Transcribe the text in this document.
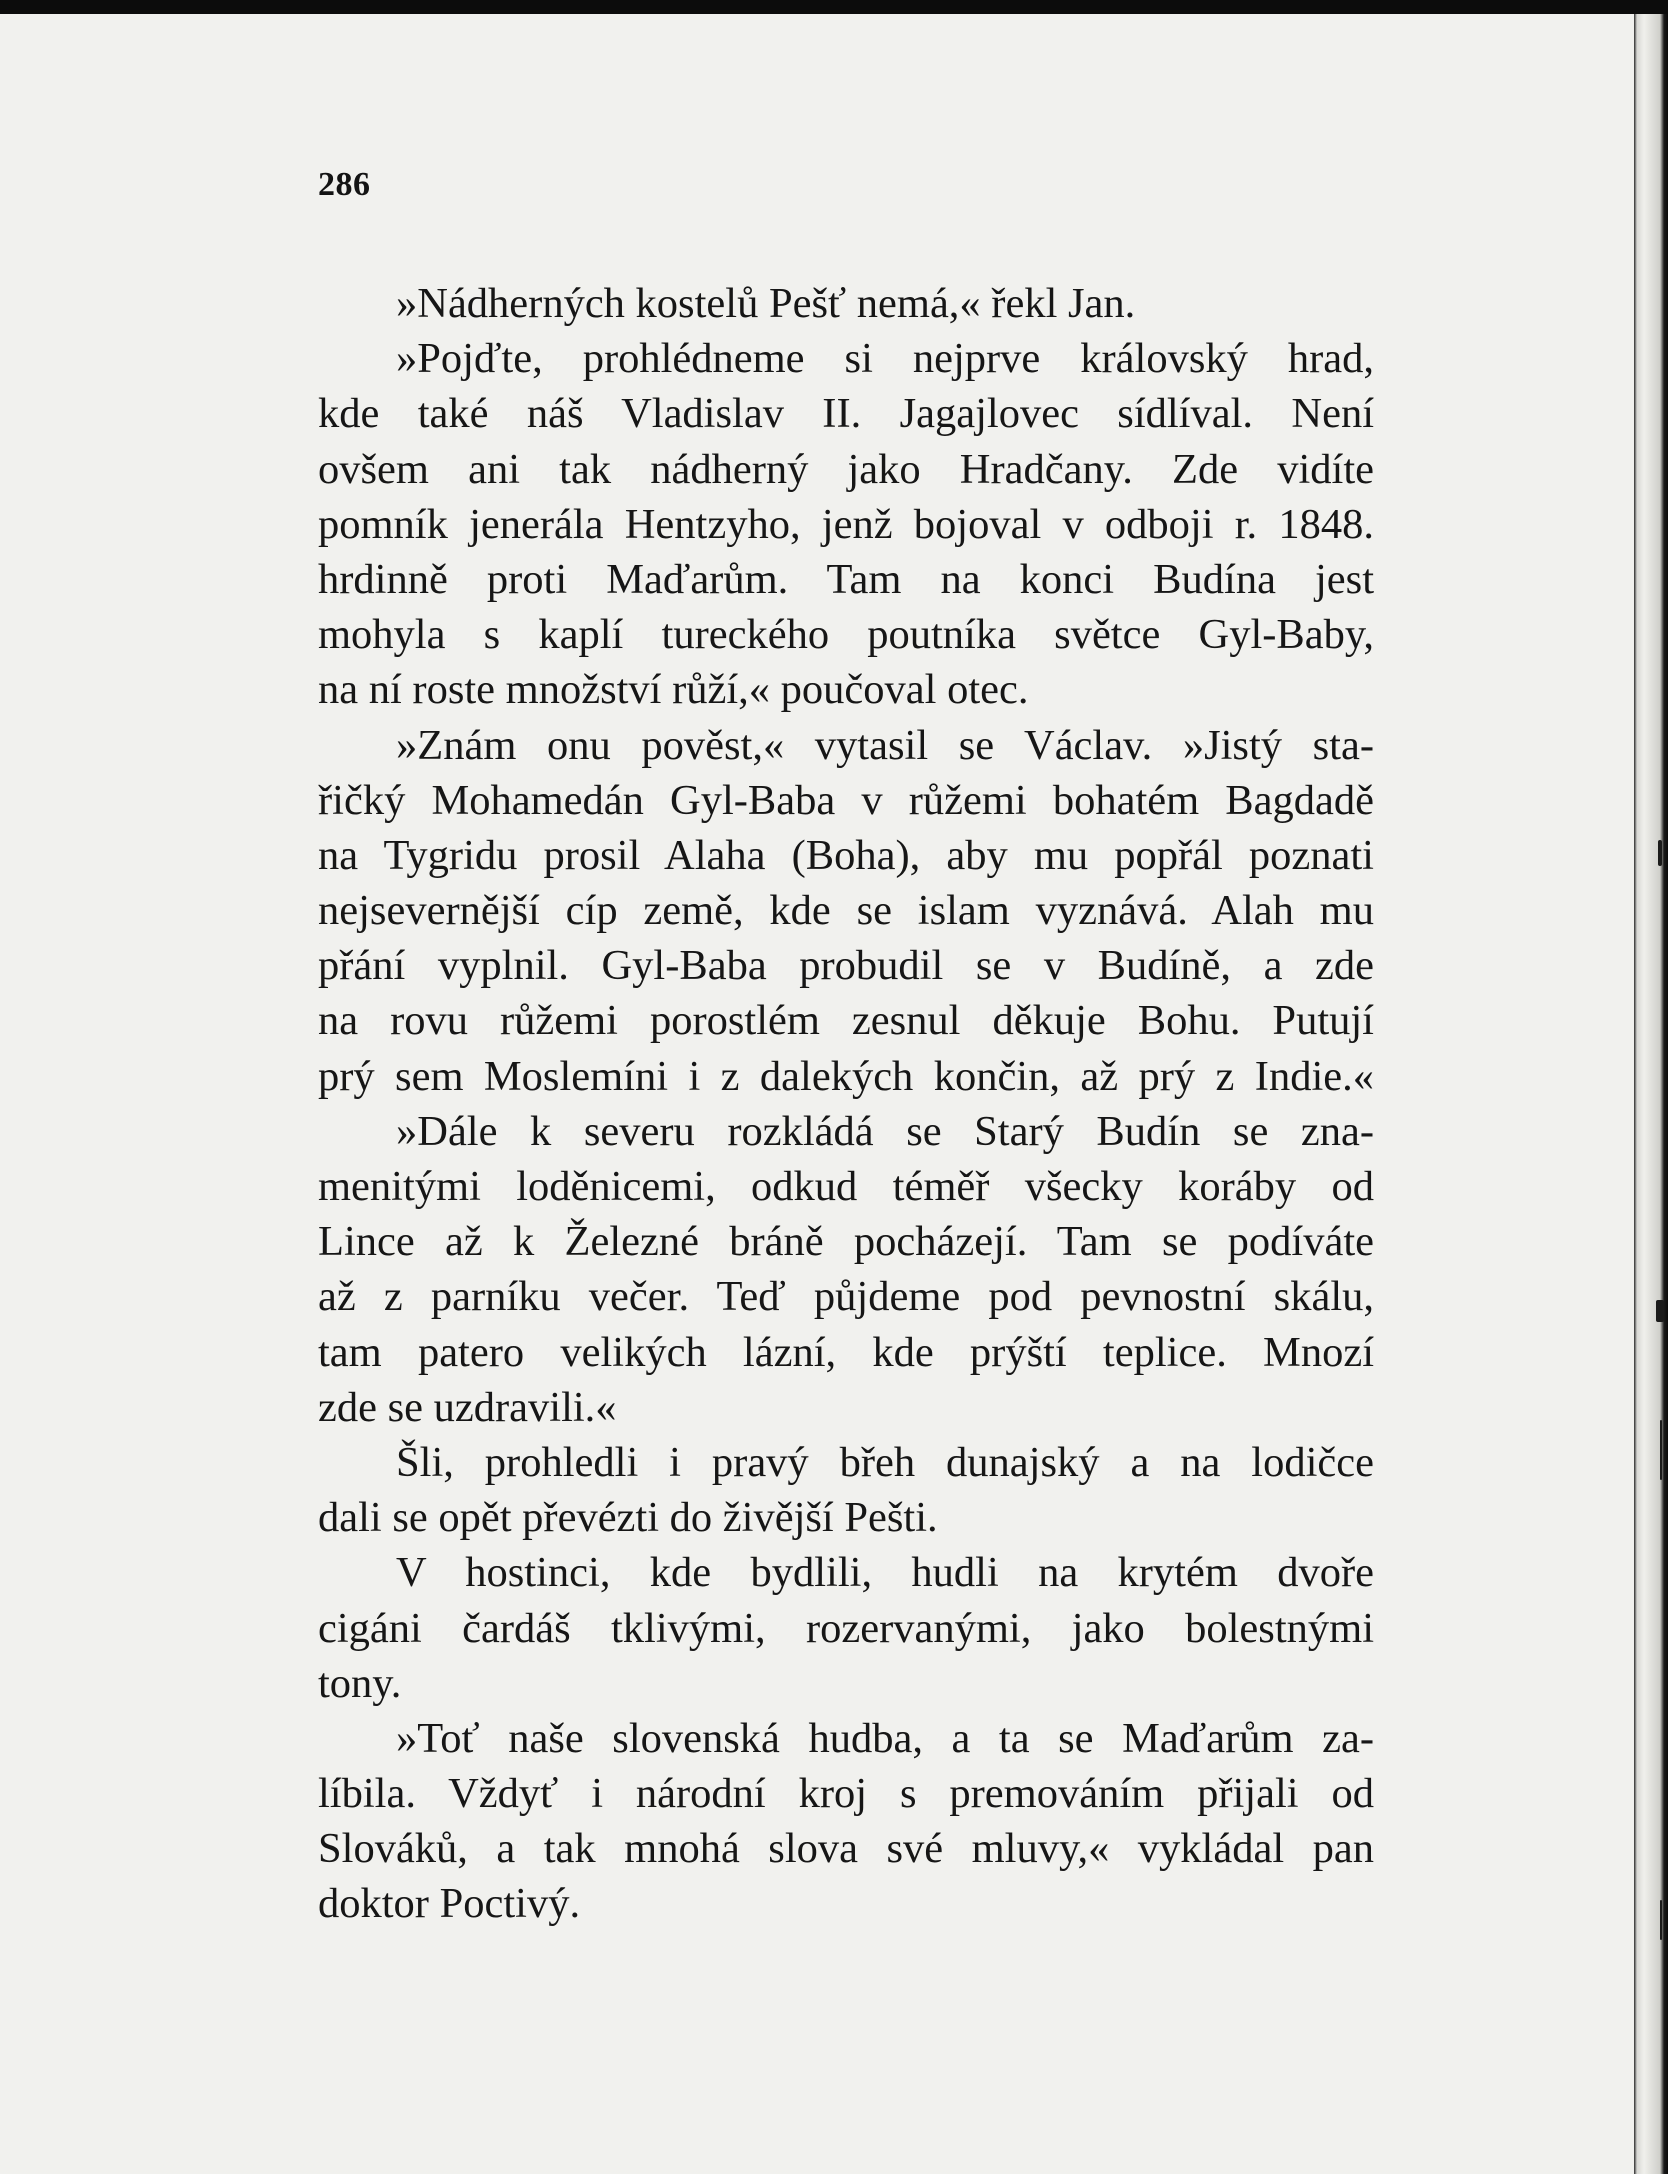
286
»Nádherných kostelů Pešť nemá,« řekl Jan.
»Pojďte, prohlédneme si nejprve královský hrad,
kde také náš Vladislav II. Jagajlovec sídlíval. Není
ovšem ani tak nádherný jako Hradčany. Zde vidíte
pomník jenerála Hentzyho, jenž bojoval v odboji r. 1848.
hrdinně proti Maďarům. Tam na konci Budína jest
mohyla s kaplí tureckého poutníka světce Gyl-Baby,
na ní roste množství růží,« poučoval otec.
»Znám onu pověst,« vytasil se Václav. »Jistý sta-
řičký Mohamedán Gyl-Baba v růžemi bohatém Bagdadě
na Tygridu prosil Alaha (Boha), aby mu popřál poznati
nejsevernější cíp země, kde se islam vyznává. Alah mu
přání vyplnil. Gyl-Baba probudil se v Budíně, a zde
na rovu růžemi porostlém zesnul děkuje Bohu. Putují
prý sem Moslemíni i z dalekých končin, až prý z Indie.«
»Dále k severu rozkládá se Starý Budín se zna-
menitými loděnicemi, odkud téměř všecky koráby od
Lince až k Železné bráně pocházejí. Tam se podíváte
až z parníku večer. Teď půjdeme pod pevnostní skálu,
tam patero velikých lázní, kde prýští teplice. Mnozí
zde se uzdravili.«
Šli, prohledli i pravý břeh dunajský a na lodičce
dali se opět převézti do živější Pešti.
V hostinci, kde bydlili, hudli na krytém dvoře
cigáni čardáš tklivými, rozervanými, jako bolestnými
tony.
»Toť naše slovenská hudba, a ta se Maďarům za-
líbila. Vždyť i národní kroj s premováním přijali od
Slováků, a tak mnohá slova své mluvy,« vykládal pan
doktor Poctivý.
